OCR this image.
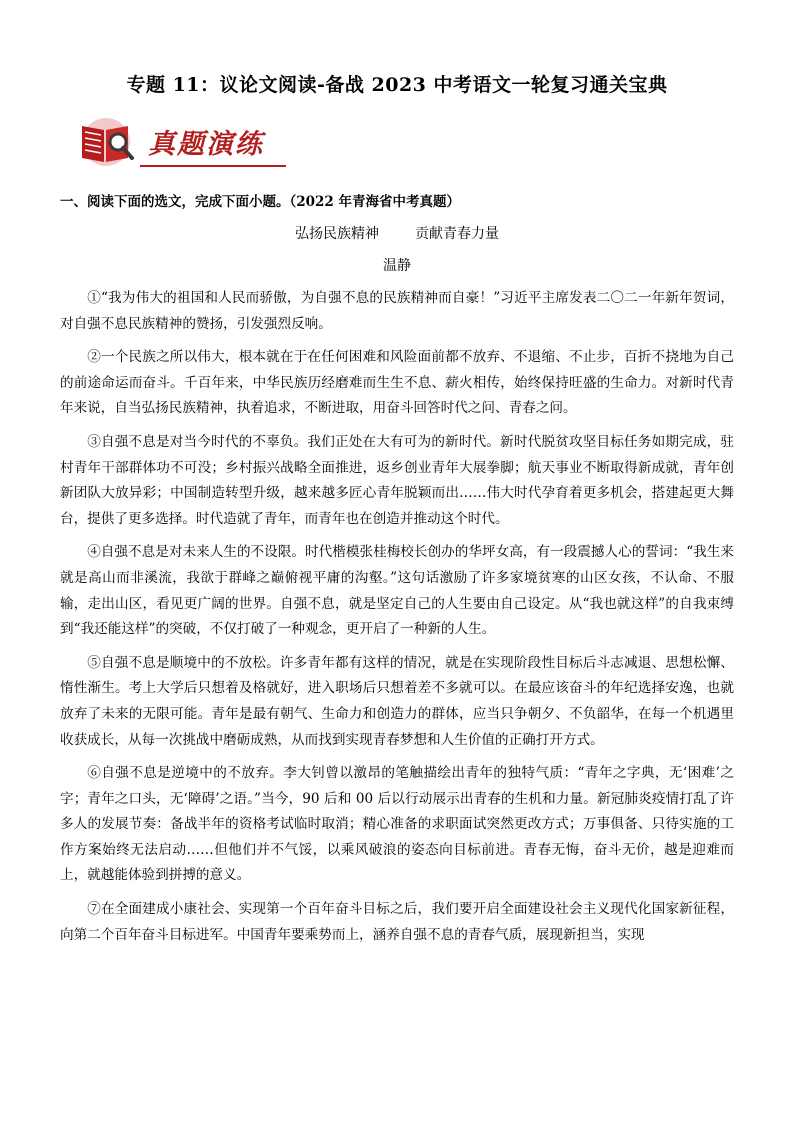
专题 11：议论文阅读-备战 2023 中考语文一轮复习通关宝典
真题演练
一、阅读下面的选文，完成下面小题。（2022 年青海省中考真题）
弘扬民族精神	贡献青春力量
温静

①“我为伟大的祖国和人民而骄傲，为自强不息的民族精神而自豪！”习近平主席发表二〇二一年新年贺词，对自强不息民族精神的赞扬，引发强烈反响。

②一个民族之所以伟大，根本就在于在任何困难和风险面前都不放弃、不退缩、不止步，百折不挠地为自己的前途命运而奋斗。千百年来，中华民族历经磨难而生生不息、薪火相传，始终保持旺盛的生命力。对新时代青年来说，自当弘扬民族精神，执着追求，不断进取，用奋斗回答时代之问、青春之问。

③自强不息是对当今时代的不辜负。我们正处在大有可为的新时代。新时代脱贫攻坚目标任务如期完成，驻村青年干部群体功不可没；乡村振兴战略全面推进，返乡创业青年大展拳脚；航天事业不断取得新成就，青年创新团队大放异彩；中国制造转型升级，越来越多匠心青年脱颖而出……伟大时代孕育着更多机会，搭建起更大舞台，提供了更多选择。时代造就了青年，而青年也在创造并推动这个时代。

④自强不息是对未来人生的不设限。时代楷模张桂梅校长创办的华坪女高，有一段震撼人心的誓词：“我生来就是高山而非溪流，我欲于群峰之巅俯视平庸的沟壑。”这句话激励了许多家境贫寒的山区女孩，不认命、不服输，走出山区，看见更广阔的世界。自强不息，就是坚定自己的人生要由自己设定。从“我也就这样”的自我束缚到“我还能这样”的突破，不仅打破了一种观念，更开启了一种新的人生。

⑤自强不息是顺境中的不放松。许多青年都有这样的情况，就是在实现阶段性目标后斗志减退、思想松懈、惰性渐生。考上大学后只想着及格就好，进入职场后只想着差不多就可以。在最应该奋斗的年纪选择安逸，也就放弃了未来的无限可能。青年是最有朝气、生命力和创造力的群体，应当只争朝夕、不负韶华，在每一个机遇里收获成长，从每一次挑战中磨砺成熟，从而找到实现青春梦想和人生价值的正确打开方式。

⑥自强不息是逆境中的不放弃。李大钊曾以激昂的笔触描绘出青年的独特气质：“青年之字典，无‘困难’之字；青年之口头，无‘障碍’之语。”当今，90 后和 00 后以行动展示出青春的生机和力量。新冠肺炎疫情打乱了许多人的发展节奏：备战半年的资格考试临时取消；精心准备的求职面试突然更改方式；万事俱备、只待实施的工作方案始终无法启动……但他们并不气馁，以乘风破浪的姿态向目标前进。青春无悔，奋斗无价，越是迎难而上，就越能体验到拼搏的意义。

⑦在全面建成小康社会、实现第一个百年奋斗目标之后，我们要开启全面建设社会主义现代化国家新征程，向第二个百年奋斗目标进军。中国青年要乘势而上，涵养自强不息的青春气质，展现新担当，实现
